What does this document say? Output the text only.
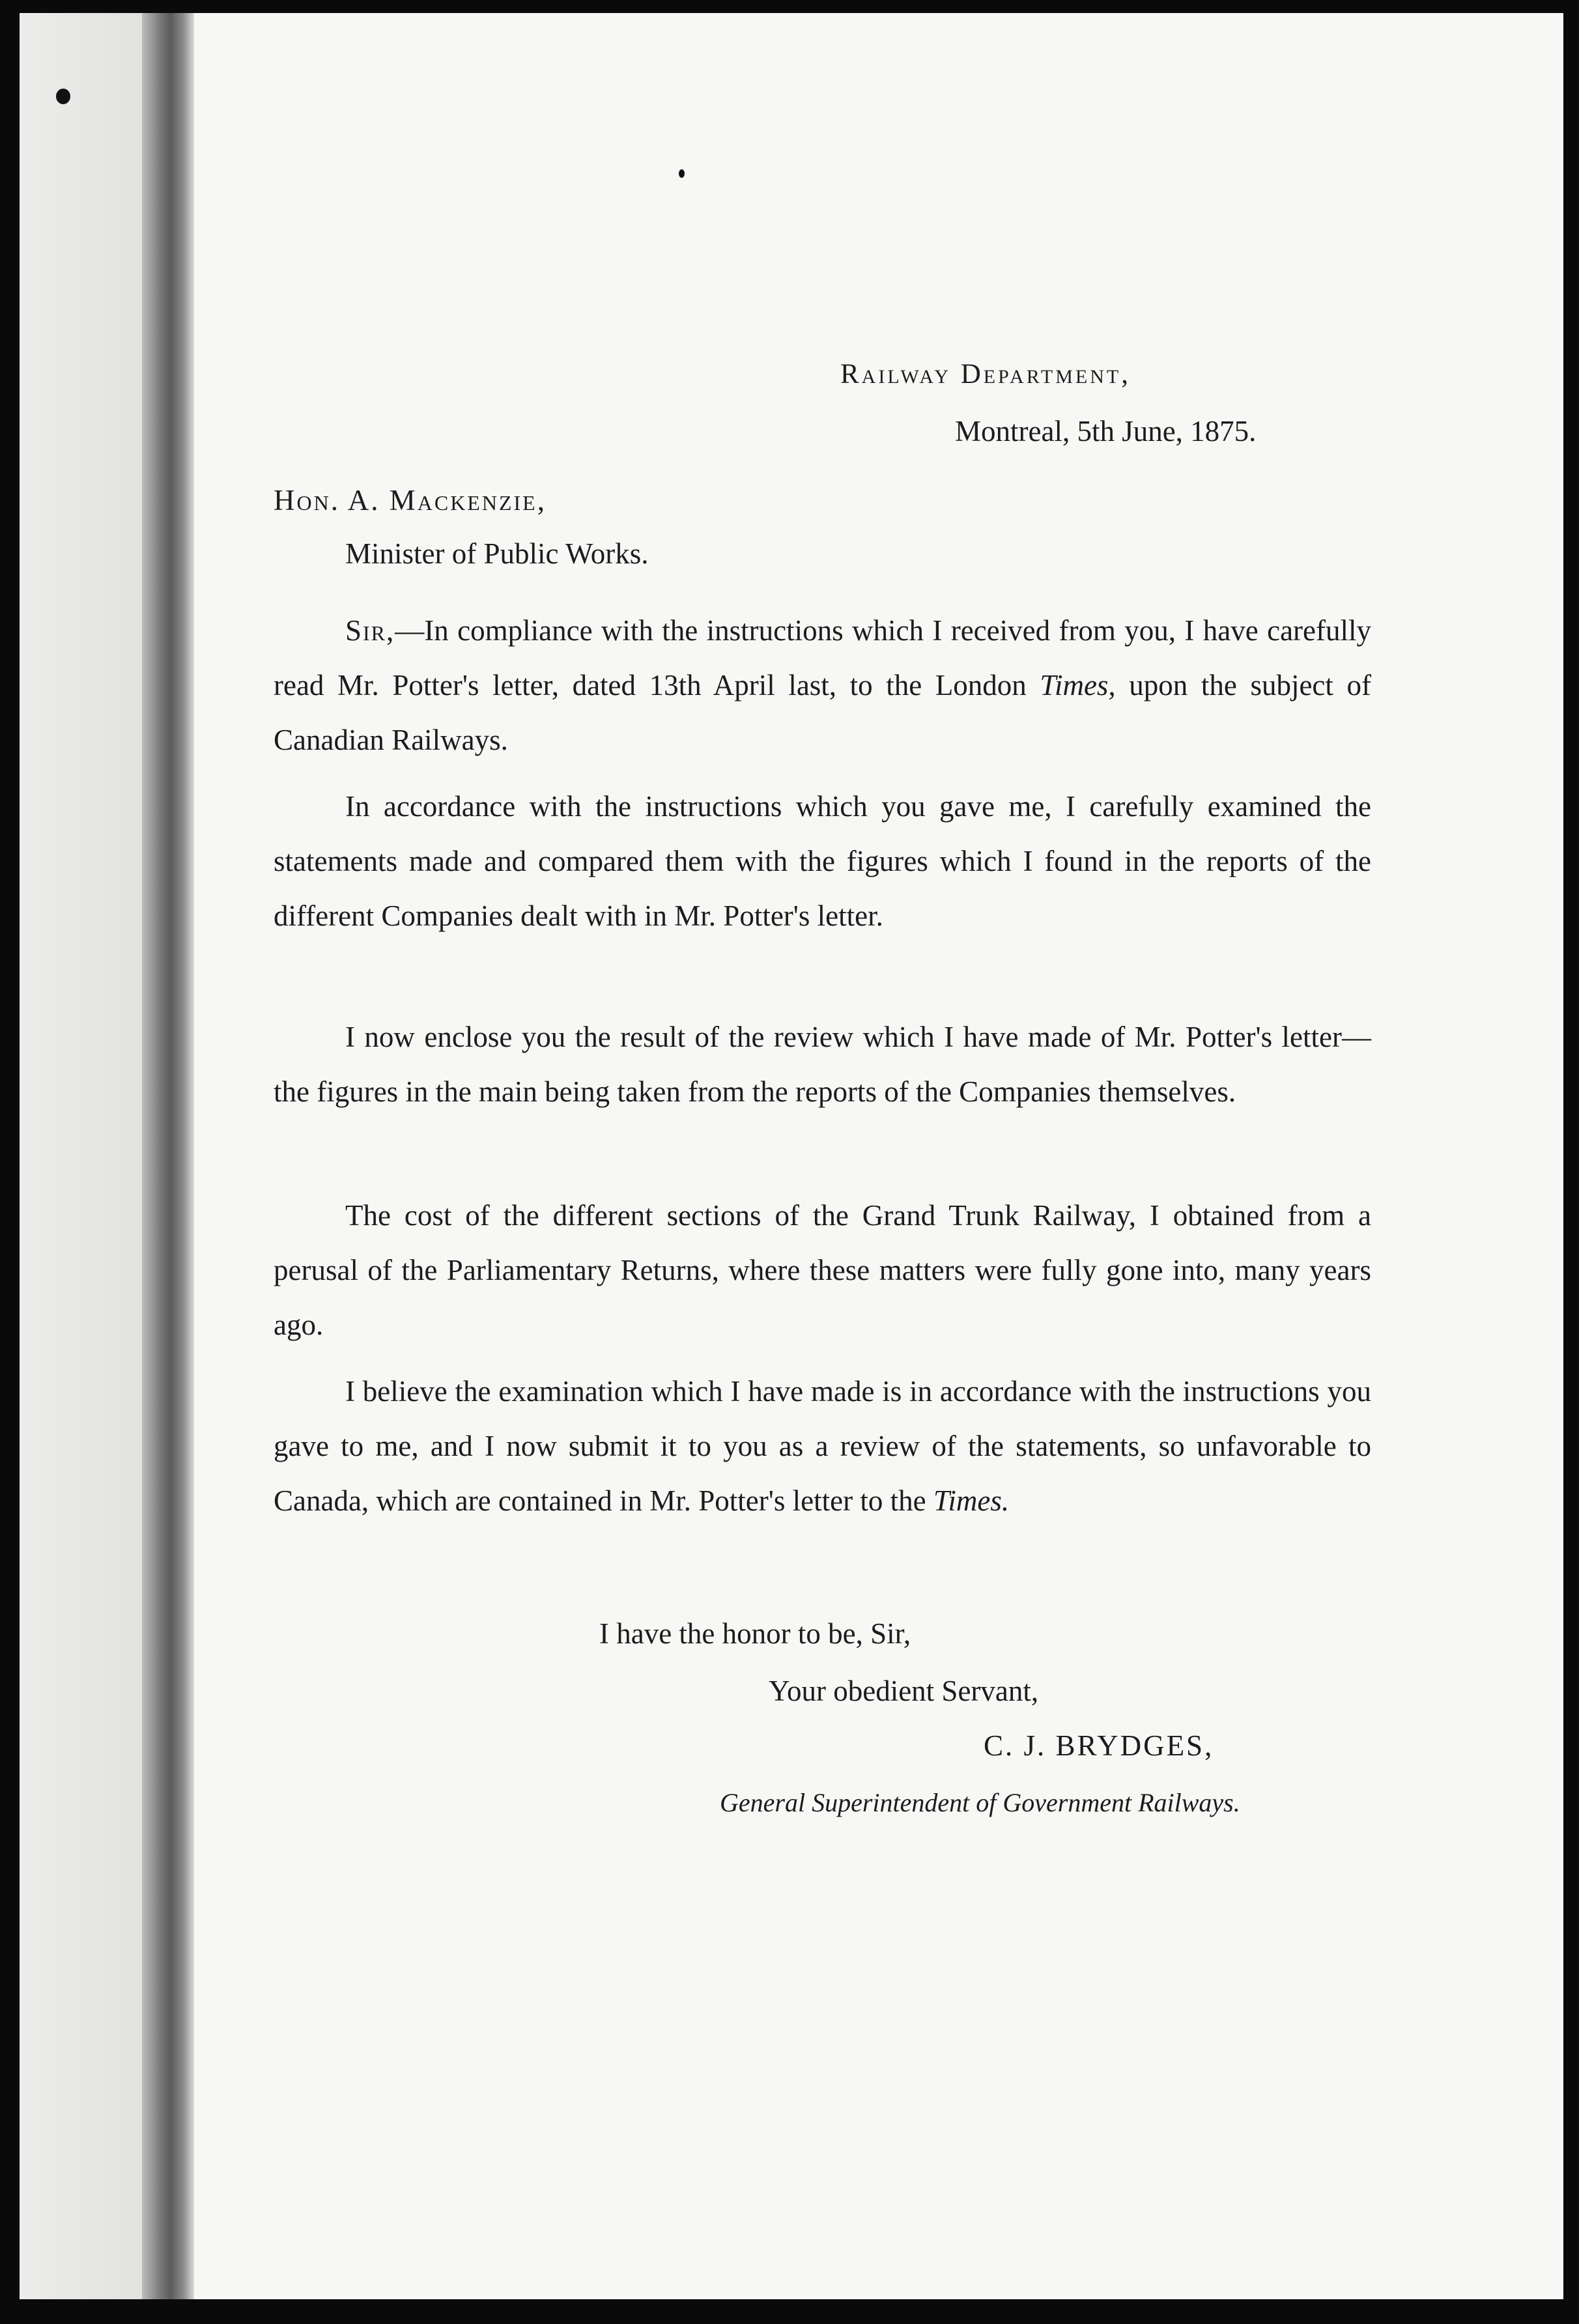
Railway Department,
Montreal, 5th June, 1875.
Hon. A. Mackenzie,
Minister of Public Works.

Sir,—In compliance with the instructions which I received from you, I have carefully read Mr. Potter's letter, dated 13th April last, to the London Times, upon the subject of Canadian Railways.

In accordance with the instructions which you gave me, I carefully examined the statements made and compared them with the figures which I found in the reports of the different Companies dealt with in Mr. Potter's letter.

I now enclose you the result of the review which I have made of Mr. Potter's letter—the figures in the main being taken from the reports of the Companies themselves.

The cost of the different sections of the Grand Trunk Railway, I obtained from a perusal of the Parliamentary Returns, where these matters were fully gone into, many years ago.

I believe the examination which I have made is in accordance with the instructions you gave to me, and I now submit it to you as a review of the statements, so unfavorable to Canada, which are contained in Mr. Potter's letter to the Times.

I have the honor to be, Sir,
Your obedient Servant,
C. J. BRYDGES,
General Superintendent of Government Railways.
